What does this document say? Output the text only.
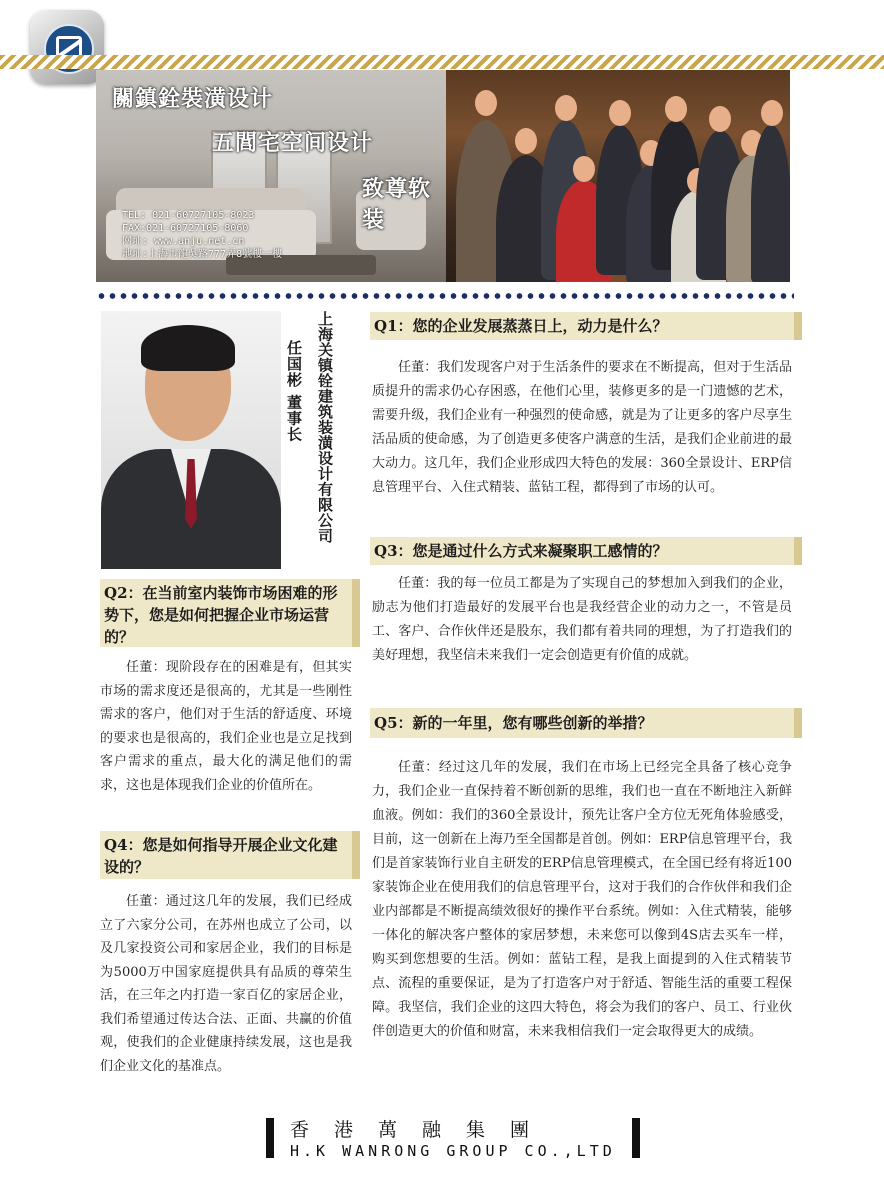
關鎮銓裝潢设计
五閭宅空间设计
致尊软装
TEL: 021-60727105-8023
FAX:021-60727105-8060
网址: www.anju.net.cn
地址:上海市龍吳路777弄8號樓一樓
上海关镇铨建筑装潢设计有限公司
任国彬 董事长
Q1：您的企业发展蒸蒸日上，动力是什么？
任董：我们发现客户对于生活条件的要求在不断提高，但对于生活品质提升的需求仍心存困惑，在他们心里，装修更多的是一门遗憾的艺术，需要升级，我们企业有一种强烈的使命感，就是为了让更多的客户尽享生活品质的使命感，为了创造更多使客户满意的生活，是我们企业前进的最大动力。这几年，我们企业形成四大特色的发展：360全景设计、ERP信息管理平台、入住式精装、蓝钻工程，都得到了市场的认可。
Q3：您是通过什么方式来凝聚职工感情的？
任董：我的每一位员工都是为了实现自己的梦想加入到我们的企业，励志为他们打造最好的发展平台也是我经营企业的动力之一，不管是员工、客户、合作伙伴还是股东，我们都有着共同的理想，为了打造我们的美好理想，我坚信未来我们一定会创造更有价值的成就。
Q5：新的一年里，您有哪些创新的举措？
任董：经过这几年的发展，我们在市场上已经完全具备了核心竞争力，我们企业一直保持着不断创新的思维，我们也一直在不断地注入新鲜血液。例如：我们的360全景设计，预先让客户全方位无死角体验感受，目前，这一创新在上海乃至全国都是首创。例如：ERP信息管理平台，我们是首家装饰行业自主研发的ERP信息管理模式，在全国已经有将近100家装饰企业在使用我们的信息管理平台，这对于我们的合作伙伴和我们企业内部都是不断提高绩效很好的操作平台系统。例如：入住式精装，能够一体化的解决客户整体的家居梦想，未来您可以像到4S店去买车一样，购买到您想要的生活。例如：蓝钻工程，是我上面提到的入住式精装节点、流程的重要保证，是为了打造客户对于舒适、智能生活的重要工程保障。我坚信，我们企业的这四大特色，将会为我们的客户、员工、行业伙伴创造更大的价值和财富，未来我相信我们一定会取得更大的成绩。
Q2：在当前室内装饰市场困难的形势下，您是如何把握企业市场运营的？
任董：现阶段存在的困难是有，但其实市场的需求度还是很高的，尤其是一些刚性需求的客户，他们对于生活的舒适度、环境的要求也是很高的，我们企业也是立足找到客户需求的重点，最大化的满足他们的需求，这也是体现我们企业的价值所在。
Q4：您是如何指导开展企业文化建设的？
任董：通过这几年的发展，我们已经成立了六家分公司，在苏州也成立了公司，以及几家投资公司和家居企业，我们的目标是为5000万中国家庭提供具有品质的尊荣生活，在三年之内打造一家百亿的家居企业，我们希望通过传达合法、正面、共赢的价值观，使我们的企业健康持续发展，这也是我们企业文化的基准点。
香港萬融集團
H.K WANRONG GROUP CO.,LTD
